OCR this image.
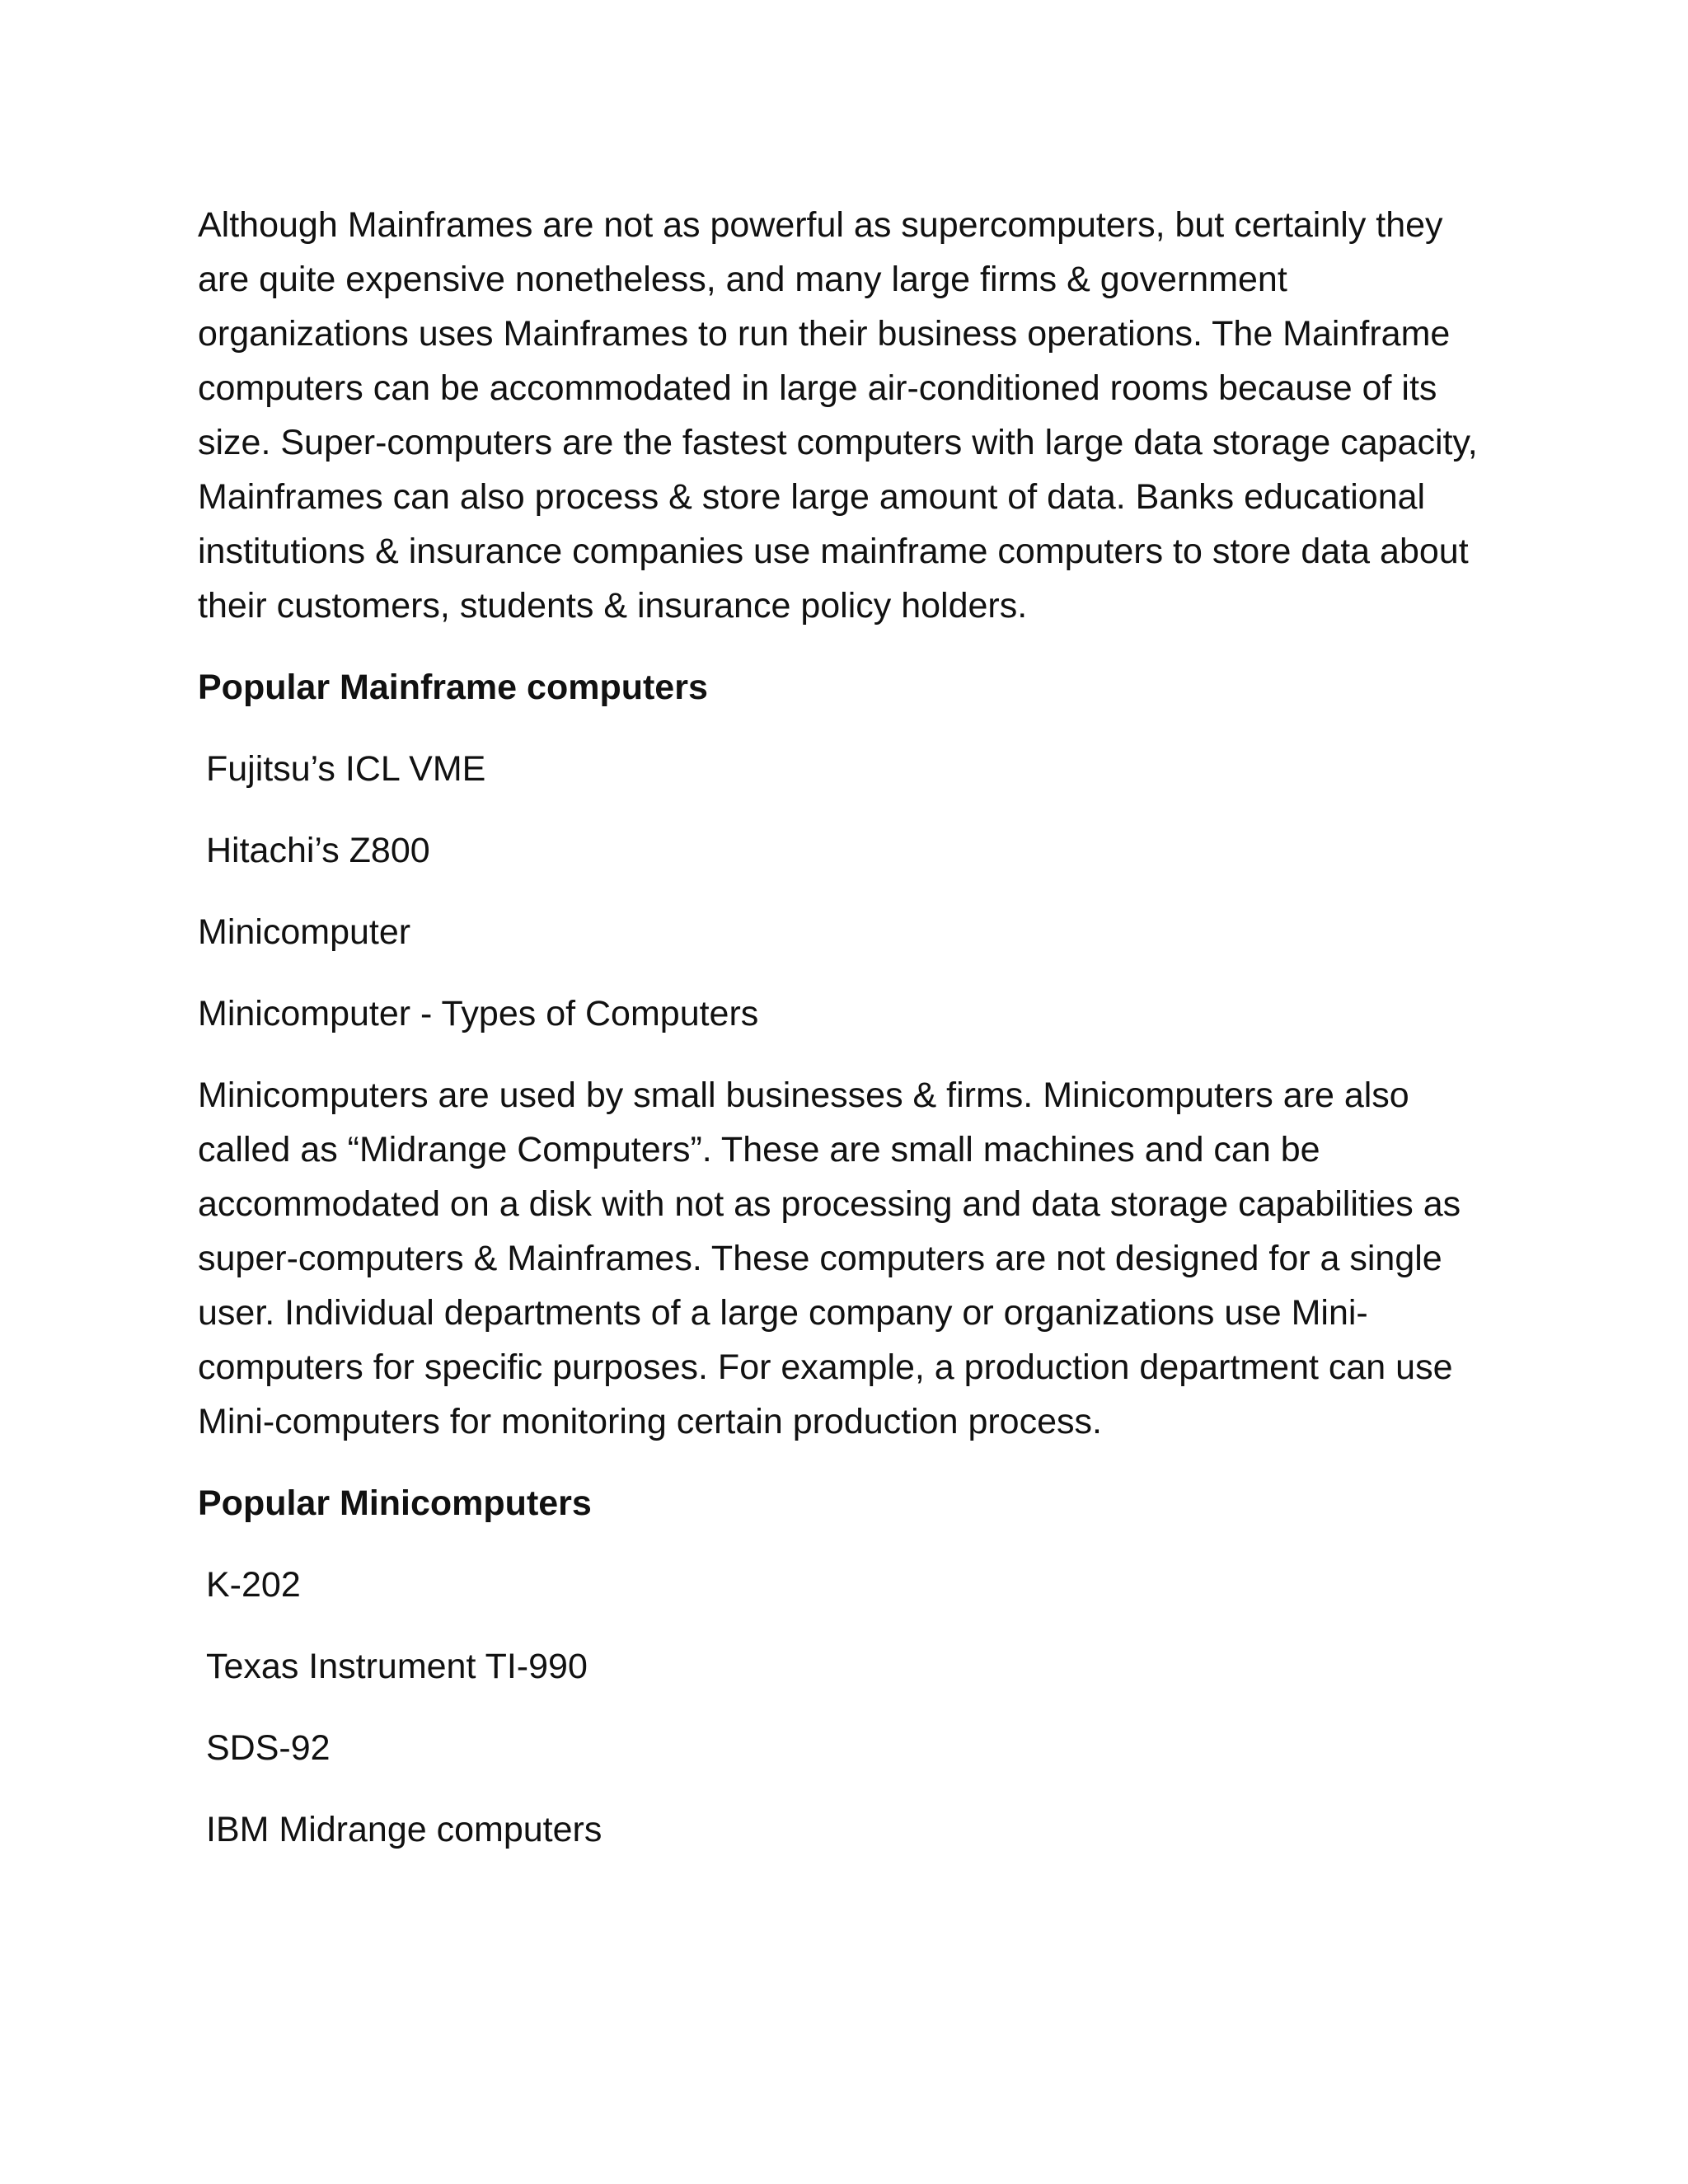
Although Mainframes are not as powerful as supercomputers, but certainly they are quite expensive nonetheless, and many large firms & government organizations uses Mainframes to run their business operations. The Mainframe computers can be accommodated in large air-conditioned rooms because of its size. Super-computers are the fastest computers with large data storage capacity, Mainframes can also process & store large amount of data. Banks educational institutions & insurance companies use mainframe computers to store data about their customers, students & insurance policy holders.

Popular Mainframe computers
Fujitsu’s ICL VME
Hitachi’s Z800
Minicomputer
Minicomputer - Types of Computers

Minicomputers are used by small businesses & firms. Minicomputers are also called as “Midrange Computers”. These are small machines and can be accommodated on a disk with not as processing and data storage capabilities as super-computers & Mainframes. These computers are not designed for a single user. Individual departments of a large company or organizations use Mini-computers for specific purposes. For example, a production department can use Mini-computers for monitoring certain production process.

Popular Minicomputers
K-202
Texas Instrument TI-990
SDS-92
IBM Midrange computers
